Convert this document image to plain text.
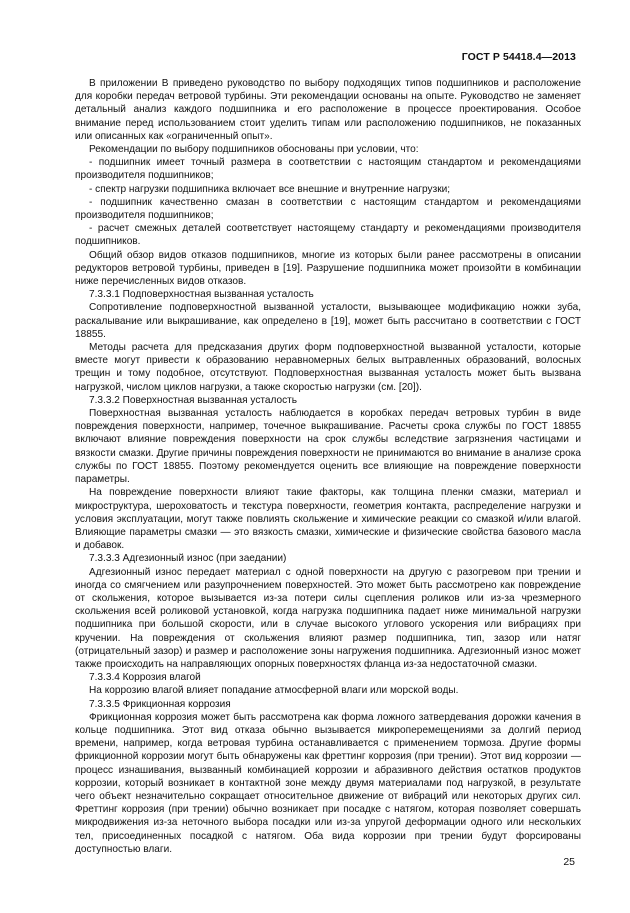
ГОСТ Р 54418.4—2013

В приложении В приведено руководство по выбору подходящих типов подшипников и расположение для коробки передач ветровой турбины. Эти рекомендации основаны на опыте. Руководство не заменяет детальный анализ каждого подшипника и его расположение в процессе проектирования. Особое внимание перед использованием стоит уделить типам или расположению подшипников, не показанных или описанных как «ограниченный опыт».

Рекомендации по выбору подшипников обоснованы при условии, что:

- подшипник имеет точный размера в соответствии с настоящим стандартом и рекомендациями производителя подшипников;

- спектр нагрузки подшипника включает все внешние и внутренние нагрузки;

- подшипник качественно смазан в соответствии с настоящим стандартом и рекомендациями производителя подшипников;

- расчет смежных деталей соответствует настоящему стандарту и рекомендациями производителя подшипников.

Общий обзор видов отказов подшипников, многие из которых были ранее рассмотрены в описании редукторов ветровой турбины, приведен в [19]. Разрушение подшипника может произойти в комбинации ниже перечисленных видов отказов.

7.3.3.1 Подповерхностная вызванная усталость

Сопротивление подповерхностной вызванной усталости, вызывающее модификацию ножки зуба, раскалывание или выкрашивание, как определено в [19], может быть рассчитано в соответствии с ГОСТ 18855.

Методы расчета для предсказания других форм подповерхностной вызванной усталости, которые вместе могут привести к образованию неравномерных белых вытравленных образований, волосных трещин и тому подобное, отсутствуют. Подповерхностная вызванная усталость может быть вызвана нагрузкой, числом циклов нагрузки, а также скоростью нагрузки (см. [20]).

7.3.3.2 Поверхностная вызванная усталость

Поверхностная вызванная усталость наблюдается в коробках передач ветровых турбин в виде повреждения поверхности, например, точечное выкрашивание. Расчеты срока службы по ГОСТ 18855 включают влияние повреждения поверхности на срок службы вследствие загрязнения частицами и вязкости смазки. Другие причины повреждения поверхности не принимаются во внимание в анализе срока службы по ГОСТ 18855. Поэтому рекомендуется оценить все влияющие на повреждение поверхности параметры.

На повреждение поверхности влияют такие факторы, как толщина пленки смазки, материал и микроструктура, шероховатость и текстура поверхности, геометрия контакта, распределение нагрузки и условия эксплуатации, могут также повлиять скольжение и химические реакции со смазкой и/или влагой. Влияющие параметры смазки — это вязкость смазки, химические и физические свойства базового масла и добавок.

7.3.3.3 Адгезионный износ (при заедании)

Адгезионный износ передает материал с одной поверхности на другую с разогревом при трении и иногда со смягчением или разупрочнением поверхностей. Это может быть рассмотрено как повреждение от скольжения, которое вызывается из-за потери силы сцепления роликов или из-за чрезмерного скольжения всей роликовой установкой, когда нагрузка подшипника падает ниже минимальной нагрузки подшипника при большой скорости, или в случае высокого углового ускорения или вибрациях при кручении. На повреждения от скольжения влияют размер подшипника, тип, зазор или натяг (отрицательный зазор) и размер и расположение зоны нагружения подшипника. Адгезионный износ может также происходить на направляющих опорных поверхностях фланца из-за недостаточной смазки.

7.3.3.4 Коррозия влагой

На коррозию влагой влияет попадание атмосферной влаги или морской воды.

7.3.3.5 Фрикционная коррозия

Фрикционная коррозия может быть рассмотрена как форма ложного затвердевания дорожки качения в кольце подшипника. Этот вид отказа обычно вызывается микроперемещениями за долгий период времени, например, когда ветровая турбина останавливается с применением тормоза. Другие формы фрикционной коррозии могут быть обнаружены как фреттинг коррозия (при трении). Этот вид коррозии — процесс изнашивания, вызванный комбинацией коррозии и абразивного действия остатков продуктов коррозии, который возникает в контактной зоне между двумя материалами под нагрузкой, в результате чего объект незначительно сокращает относительное движение от вибраций или некоторых других сил. Фреттинг коррозия (при трении) обычно возникает при посадке с натягом, которая позволяет совершать микродвижения из-за неточного выбора посадки или из-за упругой деформации одного или нескольких тел, присоединенных посадкой с натягом. Оба вида коррозии при трении будут форсированы доступностью влаги.

25
